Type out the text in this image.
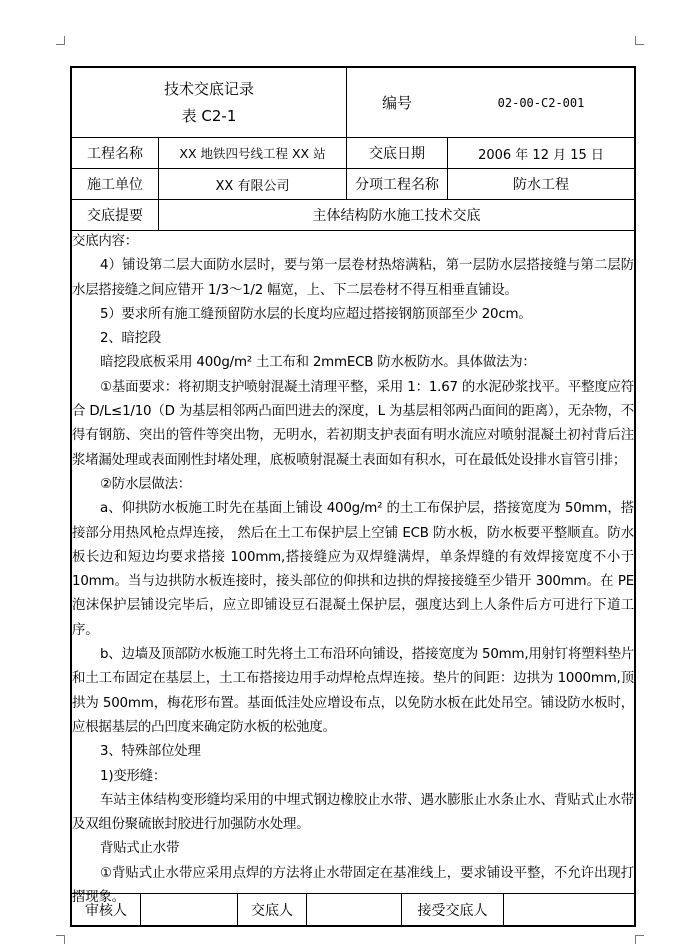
技术交底记录
表 C2-1
编号	02-00-C2-001
工程名称	XX 地铁四号线工程 XX 站	交底日期	2006 年 12 月 15 日
施工单位	XX 有限公司	分项工程名称	防水工程
交底提要	主体结构防水施工技术交底

交底内容：

4）铺设第二层大面防水层时，要与第一层卷材热熔满粘，第一层防水层搭接缝与第二层防水层搭接缝之间应错开 1/3～1/2 幅宽，上、下二层卷材不得互相垂直铺设。

5）要求所有施工缝预留防水层的长度均应超过搭接钢筋顶部至少 20cm。

2、暗挖段

暗挖段底板采用 400g/m² 土工布和 2mmECB 防水板防水。具体做法为：

①基面要求：将初期支护喷射混凝土清理平整，采用 1：1.67 的水泥砂浆找平。平整度应符合 D/L≤1/10（D 为基层相邻两凸面凹进去的深度，L 为基层相邻两凸面间的距离），无杂物，不得有钢筋、突出的管件等突出物，无明水，若初期支护表面有明水流应对喷射混凝土初衬背后注浆堵漏处理或表面刚性封堵处理，底板喷射混凝土表面如有积水，可在最低处设排水盲管引排；

②防水层做法：

a、仰拱防水板施工时先在基面上铺设 400g/m² 的土工布保护层，搭接宽度为 50mm，搭接部分用热风枪点焊连接， 然后在土工布保护层上空铺 ECB 防水板，防水板要平整顺直。防水板长边和短边均要求搭接 100mm,搭接缝应为双焊缝满焊，单条焊缝的有效焊接宽度不小于 10mm。当与边拱防水板连接时，接头部位的仰拱和边拱的焊接接缝至少错开 300mm。在 PE 泡沫保护层铺设完毕后，应立即铺设豆石混凝土保护层，强度达到上人条件后方可进行下道工序。

b、边墙及顶部防水板施工时先将土工布沿环向铺设，搭接宽度为 50mm,用射钉将塑料垫片和土工布固定在基层上，土工布搭接边用手动焊枪点焊连接。垫片的间距：边拱为 1000mm,顶拱为 500mm，梅花形布置。基面低洼处应增设布点，以免防水板在此处吊空。铺设防水板时，应根据基层的凸凹度来确定防水板的松弛度。

3、特殊部位处理

1)变形缝：

车站主体结构变形缝均采用的中埋式钢边橡胶止水带、遇水膨胀止水条止水、背贴式止水带及双组份聚硫嵌封胶进行加强防水处理。

背贴式止水带

①背贴式止水带应采用点焊的方法将止水带固定在基准线上，要求铺设平整，不允许出现打摺现象。

审核人	交底人	接受交底人
